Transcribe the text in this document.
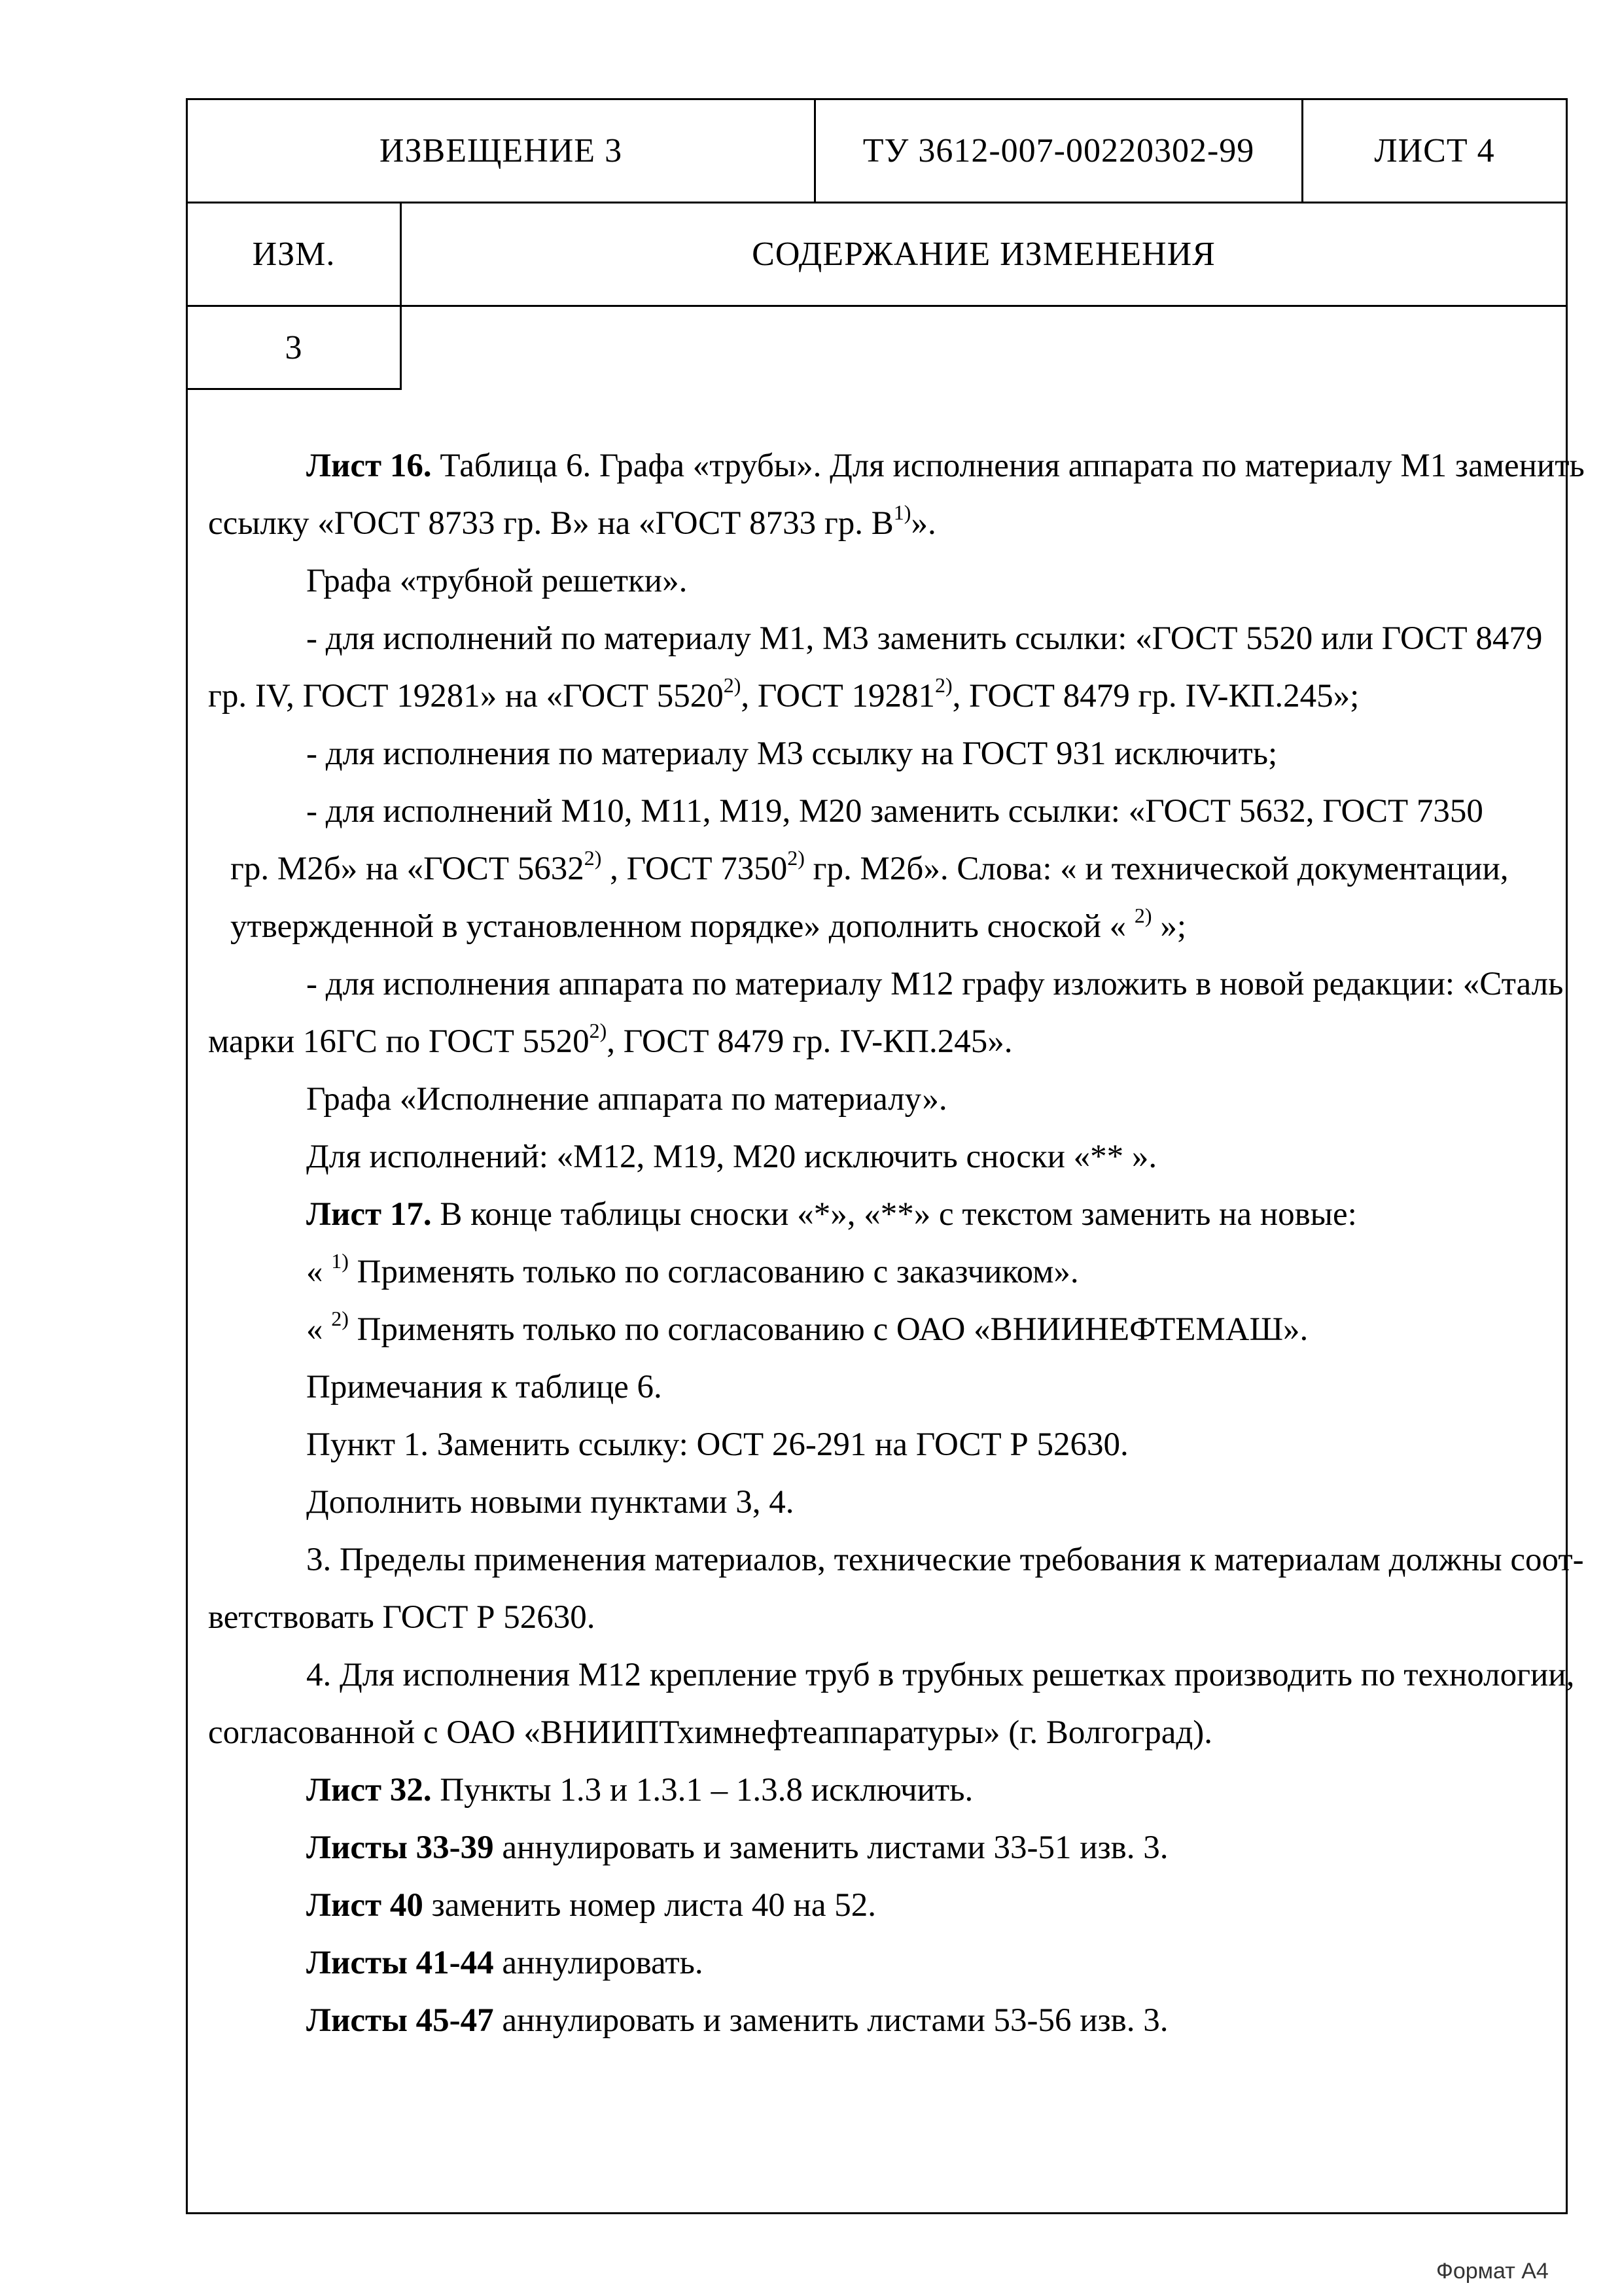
ИЗВЕЩЕНИЕ 3	ТУ 3612-007-00220302-99	ЛИСТ 4
ИЗМ.	СОДЕРЖАНИЕ ИЗМЕНЕНИЯ
3

Лист 16. Таблица 6. Графа «трубы». Для исполнения аппарата по материалу М1 заменить

ссылку «ГОСТ 8733 гр. В» на «ГОСТ 8733 гр. $В^{1)}$».

Графа «трубной решетки».

- для исполнений по материалу М1, М3 заменить ссылки: «ГОСТ 5520 или ГОСТ 8479

гр. IV, ГОСТ 19281» на «ГОСТ 5520$^{2)}$, ГОСТ 19281$^{2)}$, ГОСТ 8479 гр. IV-КП.245»;

- для исполнения по материалу М3 ссылку на ГОСТ 931 исключить;

- для исполнений М10, М11, М19, М20 заменить ссылки: «ГОСТ 5632, ГОСТ 7350

гр. М2б» на «ГОСТ 5632$^{2)}$ , ГОСТ 7350$^{2)}$ гр. М2б». Слова: « и технической документации,

утвержденной в установленном порядке» дополнить сноской « $^{2)}$ »;

- для исполнения аппарата по материалу М12 графу изложить в новой редакции: «Сталь

марки 16ГС по ГОСТ 5520$^{2)}$, ГОСТ 8479 гр. IV-КП.245».

Графа «Исполнение аппарата по материалу».

Для исполнений: «М12, М19, М20 исключить сноски «** ».

Лист 17. В конце таблицы сноски «*», «**» с текстом заменить на новые:

« $^{1)}$ Применять только по согласованию с заказчиком».

« $^{2)}$ Применять только по согласованию с ОАО «ВНИИНЕФТЕМАШ».

Примечания к таблице 6.

Пункт 1. Заменить ссылку: ОСТ 26-291 на ГОСТ Р 52630.

Дополнить новыми пунктами 3, 4.

3. Пределы применения материалов, технические требования к материалам должны соот-

ветствовать ГОСТ Р 52630.

4. Для исполнения М12 крепление труб в трубных решетках производить по технологии,

согласованной с ОАО «ВНИИПТхимнефтеаппаратуры» (г. Волгоград).

Лист 32. Пункты 1.3 и 1.3.1 – 1.3.8 исключить.

Листы 33-39 аннулировать и заменить листами 33-51 изв. 3.

Лист 40 заменить номер листа 40 на 52.

Листы 41-44 аннулировать.

Листы 45-47 аннулировать и заменить листами 53-56 изв. 3.

Формат А4
